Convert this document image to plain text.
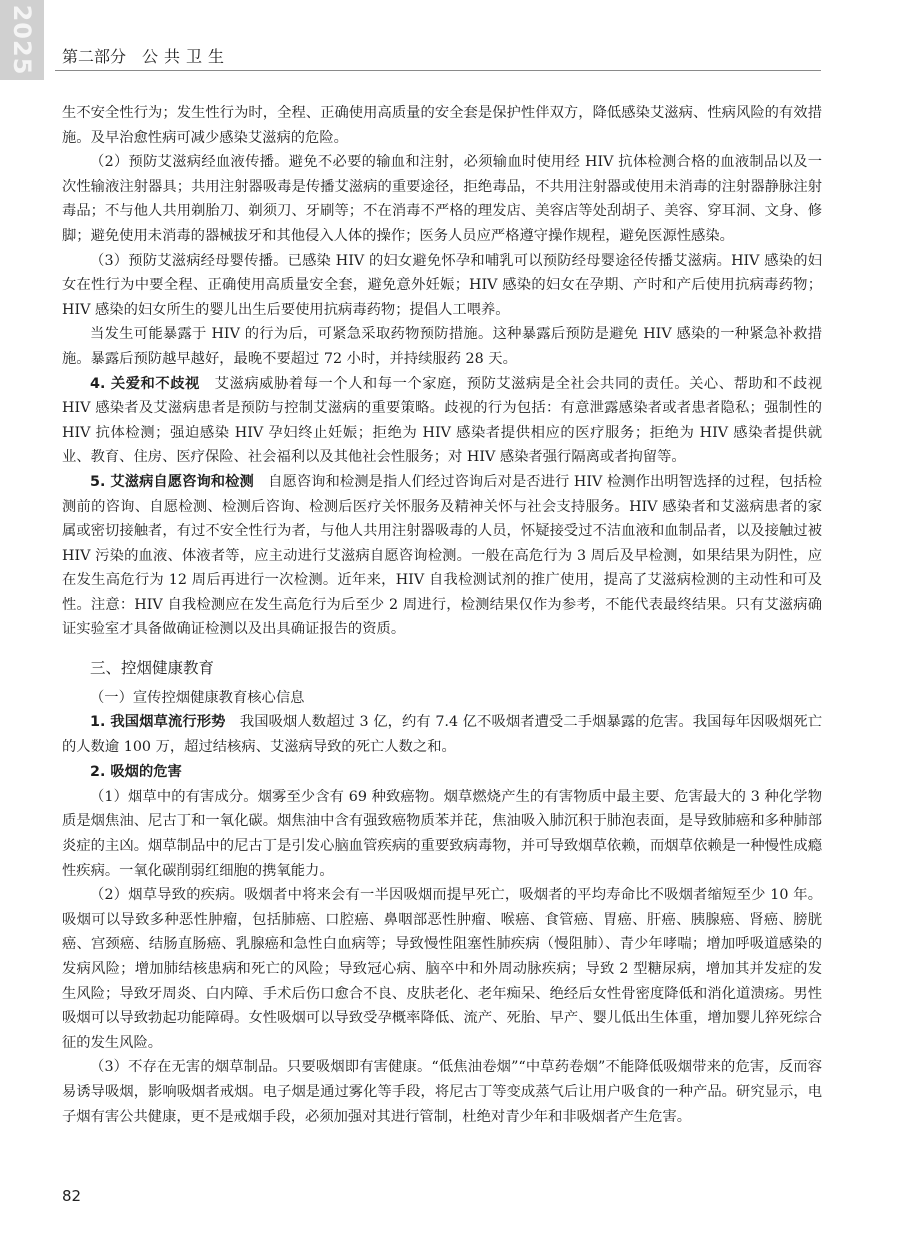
2025 第二部分 公共卫生

生不安全性行为；发生性行为时，全程、正确使用高质量的安全套是保护性伴双方，降低感染艾滋病、性病风险的有效措施。及早治愈性病可减少感染艾滋病的危险。

（2）预防艾滋病经血液传播。避免不必要的输血和注射，必须输血时使用经 HIV 抗体检测合格的血液制品以及一次性输液注射器具；共用注射器吸毒是传播艾滋病的重要途径，拒绝毒品，不共用注射器或使用未消毒的注射器静脉注射毒品；不与他人共用剃胎刀、剃须刀、牙刷等；不在消毒不严格的理发店、美容店等处刮胡子、美容、穿耳洞、文身、修脚；避免使用未消毒的器械拔牙和其他侵入人体的操作；医务人员应严格遵守操作规程，避免医源性感染。

（3）预防艾滋病经母婴传播。已感染 HIV 的妇女避免怀孕和哺乳可以预防经母婴途径传播艾滋病。HIV 感染的妇女在性行为中要全程、正确使用高质量安全套，避免意外妊娠；HIV 感染的妇女在孕期、产时和产后使用抗病毒药物；HIV 感染的妇女所生的婴儿出生后要使用抗病毒药物；提倡人工喂养。

当发生可能暴露于 HIV 的行为后，可紧急采取药物预防措施。这种暴露后预防是避免 HIV 感染的一种紧急补救措施。暴露后预防越早越好，最晚不要超过 72 小时，并持续服药 28 天。

4. 关爱和不歧视　 艾滋病威胁着每一个人和每一个家庭，预防艾滋病是全社会共同的责任。关心、帮助和不歧视 HIV 感染者及艾滋病患者是预防与控制艾滋病的重要策略。歧视的行为包括：有意泄露感染者或者患者隐私；强制性的 HIV 抗体检测；强迫感染 HIV 孕妇终止妊娠；拒绝为 HIV 感染者提供相应的医疗服务；拒绝为 HIV 感染者提供就业、教育、住房、医疗保险、社会福利以及其他社会性服务；对 HIV 感染者强行隔离或者拘留等。

5. 艾滋病自愿咨询和检测　 自愿咨询和检测是指人们经过咨询后对是否进行 HIV 检测作出明智选择的过程，包括检测前的咨询、自愿检测、检测后咨询、检测后医疗关怀服务及精神关怀与社会支持服务。HIV 感染者和艾滋病患者的家属或密切接触者，有过不安全性行为者，与他人共用注射器吸毒的人员，怀疑接受过不洁血液和血制品者，以及接触过被 HIV 污染的血液、体液者等，应主动进行艾滋病自愿咨询检测。一般在高危行为 3 周后及早检测，如果结果为阴性，应在发生高危行为 12 周后再进行一次检测。近年来，HIV 自我检测试剂的推广使用，提高了艾滋病检测的主动性和可及性。注意：HIV 自我检测应在发生高危行为后至少 2 周进行，检测结果仅作为参考，不能代表最终结果。只有艾滋病确证实验室才具备做确证检测以及出具确证报告的资质。

三、控烟健康教育

（一）宣传控烟健康教育核心信息

1. 我国烟草流行形势　 我国吸烟人数超过 3 亿，约有 7.4 亿不吸烟者遭受二手烟暴露的危害。我国每年因吸烟死亡的人数逾 100 万，超过结核病、艾滋病导致的死亡人数之和。

2. 吸烟的危害

（1）烟草中的有害成分。烟雾至少含有 69 种致癌物。烟草燃烧产生的有害物质中最主要、危害最大的 3 种化学物质是烟焦油、尼古丁和一氧化碳。烟焦油中含有强致癌物质苯并芘，焦油吸入肺沉积于肺泡表面，是导致肺癌和多种肺部炎症的主凶。烟草制品中的尼古丁是引发心脑血管疾病的重要致病毒物，并可导致烟草依赖，而烟草依赖是一种慢性成瘾性疾病。一氧化碳削弱红细胞的携氧能力。

（2）烟草导致的疾病。吸烟者中将来会有一半因吸烟而提早死亡，吸烟者的平均寿命比不吸烟者缩短至少 10 年。吸烟可以导致多种恶性肿瘤，包括肺癌、口腔癌、鼻咽部恶性肿瘤、喉癌、食管癌、胃癌、肝癌、胰腺癌、肾癌、膀胱癌、宫颈癌、结肠直肠癌、乳腺癌和急性白血病等；导致慢性阻塞性肺疾病（慢阻肺）、青少年哮喘；增加呼吸道感染的发病风险；增加肺结核患病和死亡的风险；导致冠心病、脑卒中和外周动脉疾病；导致 2 型糖尿病，增加其并发症的发生风险；导致牙周炎、白内障、手术后伤口愈合不良、皮肤老化、老年痴呆、绝经后女性骨密度降低和消化道溃疡。男性吸烟可以导致勃起功能障碍。女性吸烟可以导致受孕概率降低、流产、死胎、早产、婴儿低出生体重，增加婴儿猝死综合征的发生风险。

（3）不存在无害的烟草制品。只要吸烟即有害健康。“低焦油卷烟”“中草药卷烟”不能降低吸烟带来的危害，反而容易诱导吸烟，影响吸烟者戒烟。电子烟是通过雾化等手段，将尼古丁等变成蒸气后让用户吸食的一种产品。研究显示，电子烟有害公共健康，更不是戒烟手段，必须加强对其进行管制，杜绝对青少年和非吸烟者产生危害。

82
